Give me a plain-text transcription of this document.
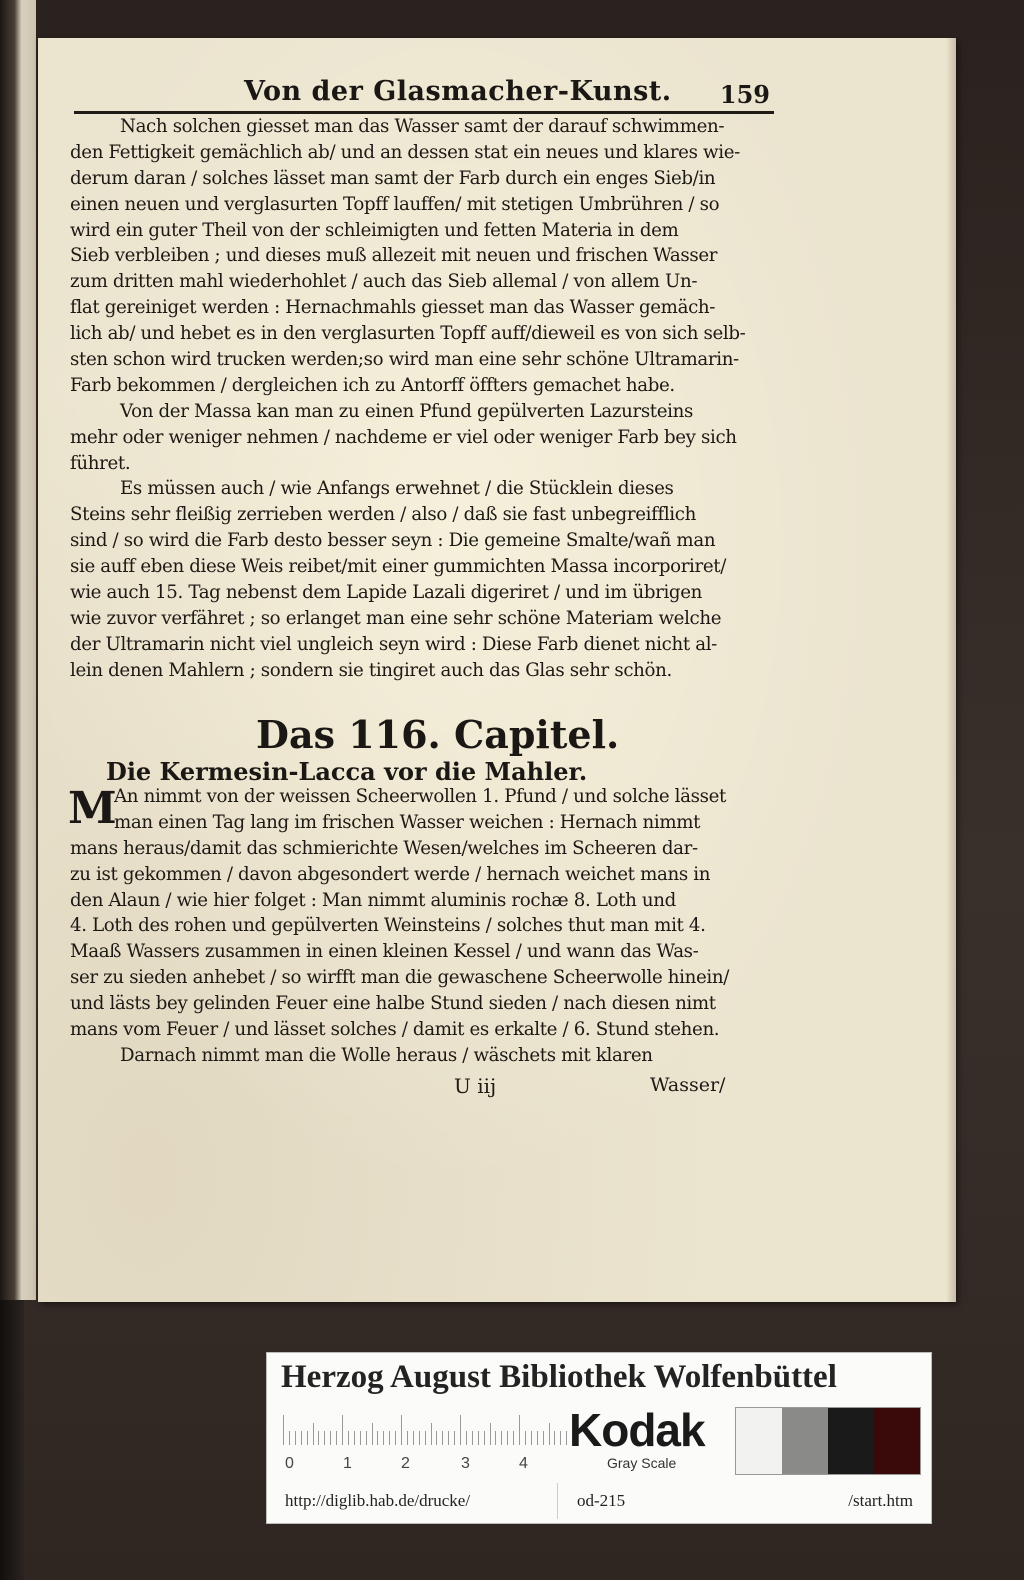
Von der Glasmacher-Kunst. 159
Nach solchen giesset man das Wasser samt der darauf schwimmen-
den Fettigkeit gemächlich ab/ und an dessen stat ein neues und klares wie-
derum daran / solches lässet man samt der Farb durch ein enges Sieb/in
einen neuen und verglasurten Topff lauffen/ mit stetigen Umbrühren / so
wird ein guter Theil von der schleimigten und fetten Materia in dem
Sieb verbleiben ; und dieses muß allezeit mit neuen und frischen Wasser
zum dritten mahl wiederhohlet / auch das Sieb allemal / von allem Un-
flat gereiniget werden : Hernachmahls giesset man das Wasser gemäch-
lich ab/ und hebet es in den verglasurten Topff auff/dieweil es von sich selb-
sten schon wird trucken werden;so wird man eine sehr schöne Ultramarin-
Farb bekommen / dergleichen ich zu Antorff öffters gemachet habe.
Von der Massa kan man zu einen Pfund gepülverten Lazursteins
mehr oder weniger nehmen / nachdeme er viel oder weniger Farb bey sich
führet.
Es müssen auch / wie Anfangs erwehnet / die Stücklein dieses
Steins sehr fleißig zerrieben werden / also / daß sie fast unbegreifflich
sind / so wird die Farb desto besser seyn : Die gemeine Smalte/wañ man
sie auff eben diese Weis reibet/mit einer gummichten Massa incorporiret/
wie auch 15. Tag nebenst dem Lapide Lazali digeriret / und im übrigen
wie zuvor verfähret ; so erlanget man eine sehr schöne Materiam welche
der Ultramarin nicht viel ungleich seyn wird : Diese Farb dienet nicht al-
lein denen Mahlern ; sondern sie tingiret auch das Glas sehr schön.
Das 116. Capitel.
Die Kermesin-Lacca vor die Mahler.
M
An nimmt von der weissen Scheerwollen 1. Pfund / und solche lässet
man einen Tag lang im frischen Wasser weichen : Hernach nimmt
mans heraus/damit das schmierichte Wesen/welches im Scheeren dar-
zu ist gekommen / davon abgesondert werde / hernach weichet mans in
den Alaun / wie hier folget : Man nimmt aluminis rochæ 8. Loth und
4. Loth des rohen und gepülverten Weinsteins / solches thut man mit 4.
Maaß Wassers zusammen in einen kleinen Kessel / und wann das Was-
ser zu sieden anhebet / so wirfft man die gewaschene Scheerwolle hinein/
und lästs bey gelinden Feuer eine halbe Stund sieden / nach diesen nimt
mans vom Feuer / und lässet solches / damit es erkalte / 6. Stund stehen.
Darnach nimmt man die Wolle heraus / wäschets mit klaren
U iij	Wasser/
Herzog August Bibliothek Wolfenbüttel
0	1	2	3	4
Kodak
Gray Scale
http://diglib.hab.de/drucke/	od-215	/start.htm
